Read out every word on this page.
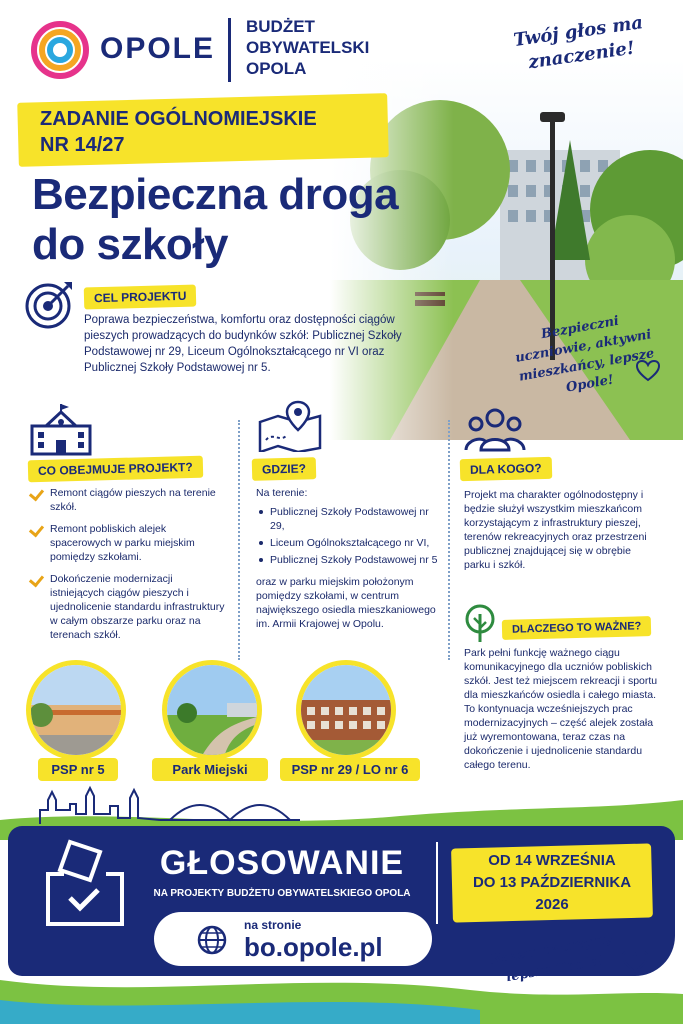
OPOLE
BUDŻET
OBYWATELSKI
OPOLA
Twój głos ma znaczenie!
ZADANIE OGÓLNOMIEJSKIE
NR 14/27
Bezpieczna droga
do szkoły
CEL PROJEKTU
Poprawa bezpieczeństwa, komfortu oraz dostępności ciągów pieszych prowadzących do budynków szkół: Publicznej Szkoły Podstawowej nr 29, Liceum Ogólnokształcącego nr VI oraz Publicznej Szkoły Podstawowej nr 5.
Bezpieczni uczniowie, aktywni mieszkańcy, lepsze Opole!
CO OBEJMUJE PROJEKT?
Remont ciągów pieszych na terenie szkół.
Remont pobliskich alejek spacerowych w parku miejskim pomiędzy szkołami.
Dokończenie modernizacji istniejących ciągów pieszych i ujednolicenie standardu infrastruktury w całym obszarze parku oraz na terenach szkół.
GDZIE?
Na terenie:
Publicznej Szkoły Podstawowej nr 29,
Liceum Ogólnokształcącego nr VI,
Publicznej Szkoły Podstawowej nr 5
oraz w parku miejskim położonym pomiędzy szkołami, w centrum największego osiedla mieszkaniowego im. Armii Krajowej w Opolu.
DLA KOGO?
Projekt ma charakter ogólnodostępny i będzie służył wszystkim mieszkańcom korzystającym z infrastruktury pieszej, terenów rekreacyjnych oraz przestrzeni publicznej znajdującej się w obrębie parku i szkół.
DLACZEGO TO WAŻNE?
Park pełni funkcję ważnego ciągu komunikacyjnego dla uczniów pobliskich szkół. Jest też miejscem rekreacji i sportu dla mieszkańców osiedla i całego miasta. To kontynuacja wcześniejszych prac modernizacyjnych – część alejek została już wyremontowana, teraz czas na dokończenie i ujednolicenie standardu całego terenu.
PSP nr 5	Park Miejski	PSP nr 29 / LO nr 6
GŁOSOWANIE
NA PROJEKTY BUDŻETU OBYWATELSKIEGO OPOLA
OD 14 WRZEŚNIA
DO 13 PAŹDZIERNIKA
2026
na stronie
bo.opole.pl	Razem tworzymy lepsze Opole!
